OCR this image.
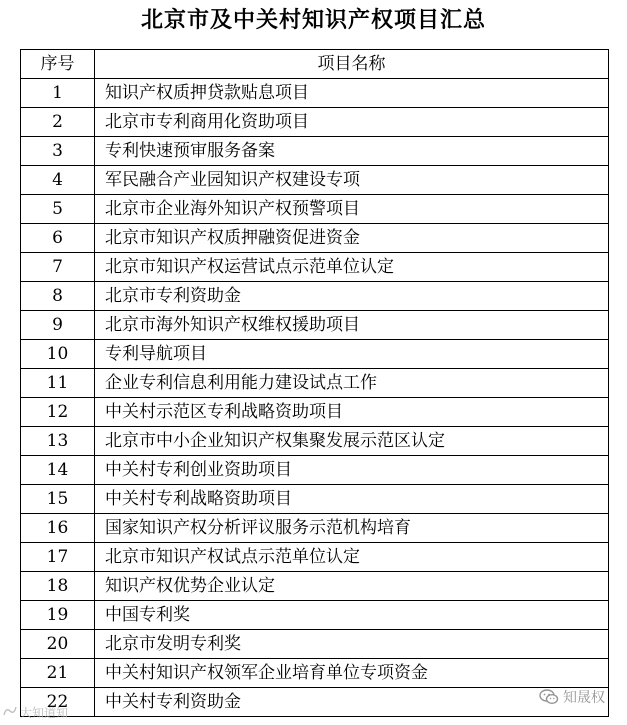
北京市及中关村知识产权项目汇总
序号	项目名称
1	知识产权质押贷款贴息项目
2	北京市专利商用化资助项目
3	专利快速预审服务备案
4	军民融合产业园知识产权建设专项
5	北京市企业海外知识产权预警项目
6	北京市知识产权质押融资促进资金
7	北京市知识产权运营试点示范单位认定
8	北京市专利资助金
9	北京市海外知识产权维权援助项目
10	专利导航项目
11	企业专利信息利用能力建设试点工作
12	中关村示范区专利战略资助项目
13	北京市中小企业知识产权集聚发展示范区认定
14	中关村专利创业资助项目
15	中关村专利战略资助项目
16	国家知识产权分析评议服务示范机构培育
17	北京市知识产权试点示范单位认定
18	知识产权优势企业认定
19	中国专利奖
20	北京市发明专利奖
21	中关村知识产权领军企业培育单位专项资金
22	中关村专利资助金	知晟权
大知道知
